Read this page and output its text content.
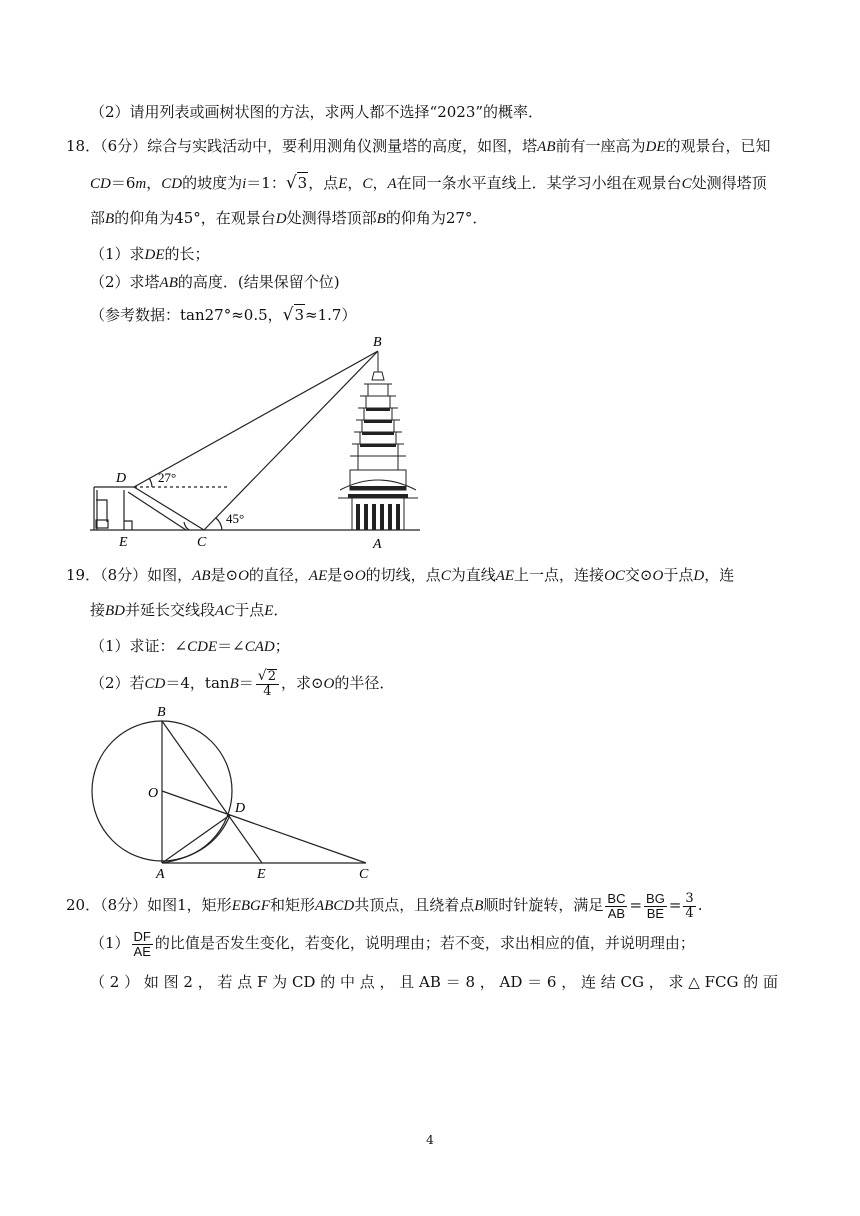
（2）请用列表或画树状图的方法，求两人都不选择“2023”的概率．
18．（6分）综合与实践活动中，要利用测角仪测量塔的高度，如图，塔AB前有一座高为DE的观景台，已知
CD＝6m，CD的坡度为i＝1：√3，点E，C，A在同一条水平直线上．某学习小组在观景台C处测得塔顶
部B的仰角为45°，在观景台D处测得塔顶部B的仰角为27°．
（1）求DE的长；
（2）求塔AB的高度．(结果保留个位)
（参考数据：tan27°≈0.5，√3≈1.7）
B
D
E	C	A
27°
45°
19．（8分）如图，AB是⊙O的直径，AE是⊙O的切线，点C为直线AE上一点，连接OC交⊙O于点D，连
接BD并延长交线段AC于点E．
（1）求证：∠CDE＝∠CAD；
（2）若CD＝4，$\tan B= \frac{√2}{4}$ ，求⊙O的半径．
B
O
D
A	E	C
20．（8分）如图1，矩形EBGF和矩形ABCD共顶点，且绕着点B顺时针旋转，满足 $\frac{BC}{AB} = \frac{BG}{BE} = \frac{3}{4}$ .
$(1) \frac{DF}{AE}$ 的比值是否发生变化，若变化，说明理由；若不变，求出相应的值，并说明理由；
（ 2 ） 如 图 2 ， 若 点 F 为 CD 的 中 点 ， 且 AB ＝ 8 ， AD ＝ 6 ， 连 结 CG ， 求 △ FCG 的 面
4
